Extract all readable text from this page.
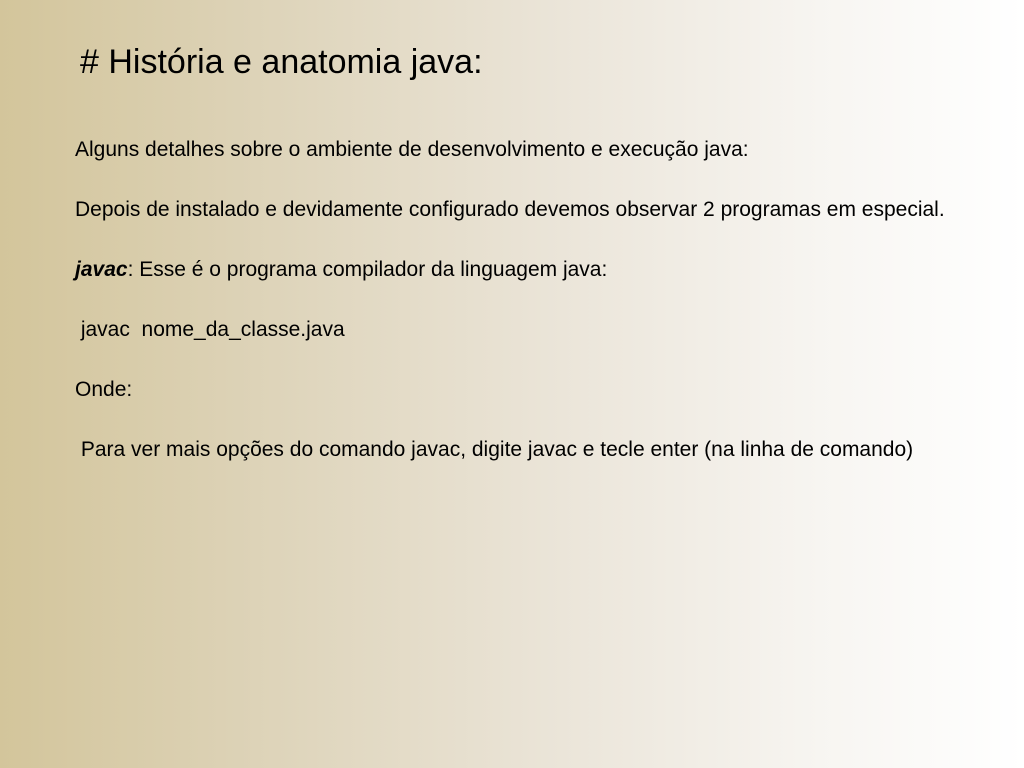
# História e anatomia java:

Alguns detalhes sobre o ambiente de desenvolvimento e execução java:

Depois de instalado e devidamente configurado devemos observar 2 programas em especial.

javac: Esse é o programa compilador da linguagem java:

javac  nome_da_classe.java

Onde:

Para ver mais opções do comando javac, digite javac e tecle enter (na linha de comando)
